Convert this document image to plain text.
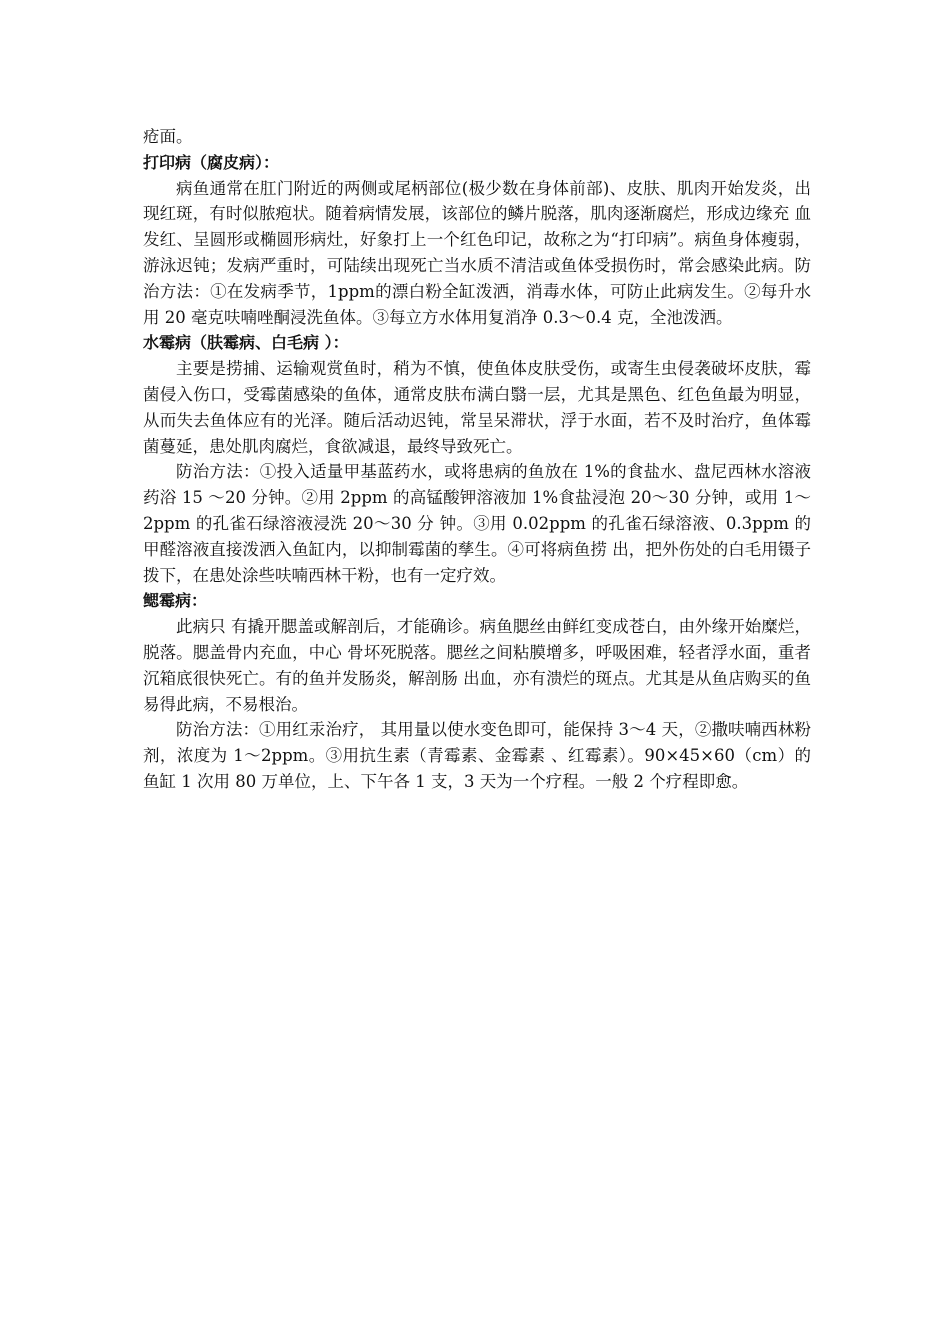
疮面。

打印病（腐皮病）：

病鱼通常在肛门附近的两侧或尾柄部位(极少数在身体前部)、皮肤、肌肉开始发炎，出现红斑，有时似脓疱状。随着病情发展，该部位的鳞片脱落，肌肉逐渐腐烂，形成边缘充 血发红、呈圆形或椭圆形病灶，好象打上一个红色印记，故称之为“打印病”。病鱼身体瘦弱，游泳迟钝；发病严重时，可陆续出现死亡当水质不清洁或鱼体受损伤时，常会感染此病。防治方法：①在发病季节，1ppm的漂白粉全缸泼洒，消毒水体，可防止此病发生。②每升水用 20 毫克呋喃唑酮浸洗鱼体。③每立方水体用复消净 0.3～0.4 克，全池泼洒。

水霉病（肤霉病、白毛病 ）：

主要是捞捕、运输观赏鱼时，稍为不慎，使鱼体皮肤受伤，或寄生虫侵袭破坏皮肤，霉菌侵入伤口，受霉菌感染的鱼体，通常皮肤布满白翳一层，尤其是黑色、红色鱼最为明显，从而失去鱼体应有的光泽。随后活动迟钝，常呈呆滞状，浮于水面，若不及时治疗，鱼体霉菌蔓延，患处肌肉腐烂，食欲减退，最终导致死亡。

防治方法：①投入适量甲基蓝药水，或将患病的鱼放在 1%的食盐水、盘尼西林水溶液药浴 15 ～20 分钟。②用 2ppm 的高锰酸钾溶液加 1%食盐浸泡 20～30 分钟，或用 1～2ppm 的孔雀石绿溶液浸洗 20～30 分 钟。③用 0.02ppm 的孔雀石绿溶液、0.3ppm 的甲醛溶液直接泼洒入鱼缸内，以抑制霉菌的孳生。④可将病鱼捞 出，把外伤处的白毛用镊子拨下，在患处涂些呋喃西林干粉，也有一定疗效。

鳃霉病：

此病只 有撬开腮盖或解剖后，才能确诊。病鱼腮丝由鲜红变成苍白，由外缘开始糜烂，脱落。腮盖骨内充血，中心 骨坏死脱落。腮丝之间粘膜增多，呼吸困难，轻者浮水面，重者沉箱底很快死亡。有的鱼并发肠炎，解剖肠 出血，亦有溃烂的斑点。尤其是从鱼店购买的鱼易得此病，不易根治。

防治方法：①用红汞治疗， 其用量以使水变色即可，能保持 3～4 天，②撒呋喃西林粉剂，浓度为 1～2ppm。③用抗生素（青霉素、金霉素 、红霉素）。90×45×60（cm）的鱼缸 1 次用 80 万单位，上、下午各 1 支，3 天为一个疗程。一般 2 个疗程即愈。
